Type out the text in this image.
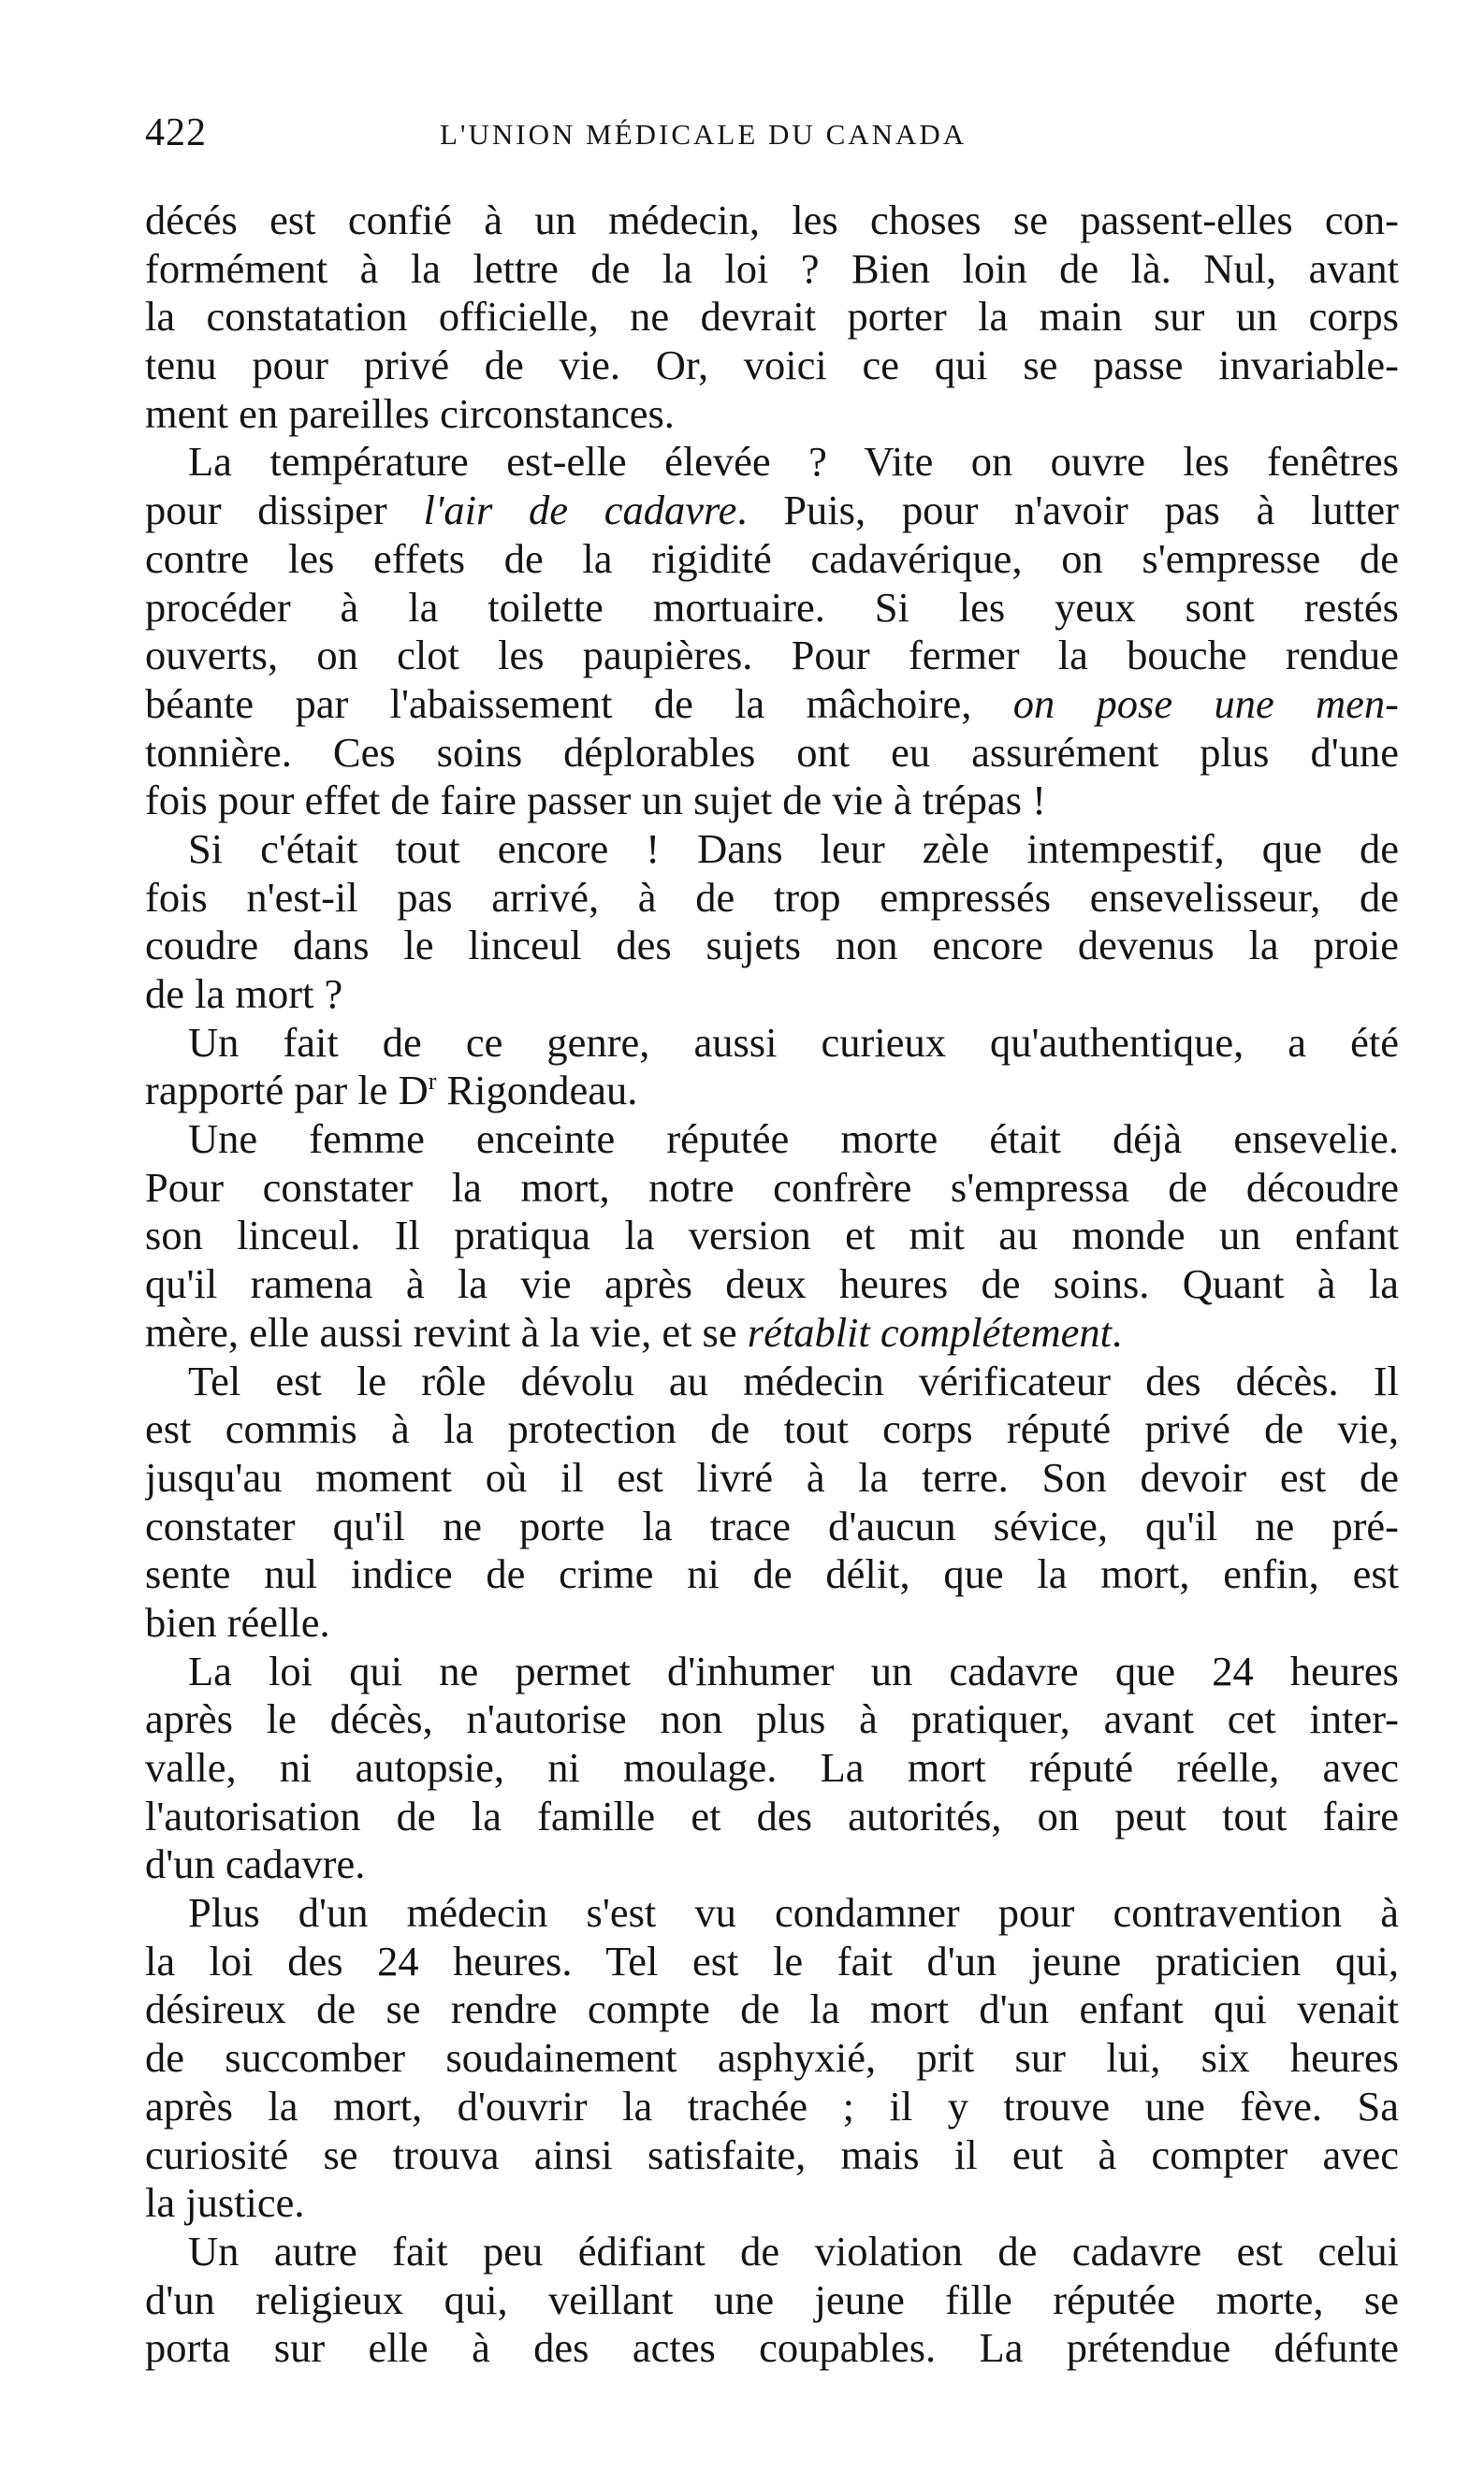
422	L'UNION MÉDICALE DU CANADA
décés est confié à un médecin, les choses se passent-elles con-
formément à la lettre de la loi ? Bien loin de là. Nul, avant
la constatation officielle, ne devrait porter la main sur un corps
tenu pour privé de vie. Or, voici ce qui se passe invariable-
ment en pareilles circonstances.
La température est-elle élevée ? Vite on ouvre les fenêtres
pour dissiper l'air de cadavre. Puis, pour n'avoir pas à lutter
contre les effets de la rigidité cadavérique, on s'empresse de
procéder à la toilette mortuaire. Si les yeux sont restés
ouverts, on clot les paupières. Pour fermer la bouche rendue
béante par l'abaissement de la mâchoire, on pose une men-
tonnière. Ces soins déplorables ont eu assurément plus d'une
fois pour effet de faire passer un sujet de vie à trépas !
Si c'était tout encore ! Dans leur zèle intempestif, que de
fois n'est-il pas arrivé, à de trop empressés ensevelisseur, de
coudre dans le linceul des sujets non encore devenus la proie
de la mort ?
Un fait de ce genre, aussi curieux qu'authentique, a été
rapporté par le $D^r$ Rigondeau.
Une femme enceinte réputée morte était déjà ensevelie.
Pour constater la mort, notre confrère s'empressa de découdre
son linceul. Il pratiqua la version et mit au monde un enfant
qu'il ramena à la vie après deux heures de soins. Quant à la
mère, elle aussi revint à la vie, et se rétablit complétement.
Tel est le rôle dévolu au médecin vérificateur des décès. Il
est commis à la protection de tout corps réputé privé de vie,
jusqu'au moment où il est livré à la terre. Son devoir est de
constater qu'il ne porte la trace d'aucun sévice, qu'il ne pré-
sente nul indice de crime ni de délit, que la mort, enfin, est
bien réelle.
La loi qui ne permet d'inhumer un cadavre que 24 heures
après le décès, n'autorise non plus à pratiquer, avant cet inter-
valle, ni autopsie, ni moulage. La mort réputé réelle, avec
l'autorisation de la famille et des autorités, on peut tout faire
d'un cadavre.
Plus d'un médecin s'est vu condamner pour contravention à
la loi des 24 heures. Tel est le fait d'un jeune praticien qui,
désireux de se rendre compte de la mort d'un enfant qui venait
de succomber soudainement asphyxié, prit sur lui, six heures
après la mort, d'ouvrir la trachée ; il y trouve une fève. Sa
curiosité se trouva ainsi satisfaite, mais il eut à compter avec
la justice.
Un autre fait peu édifiant de violation de cadavre est celui
d'un religieux qui, veillant une jeune fille réputée morte, se
porta sur elle à des actes coupables. La prétendue défunte
